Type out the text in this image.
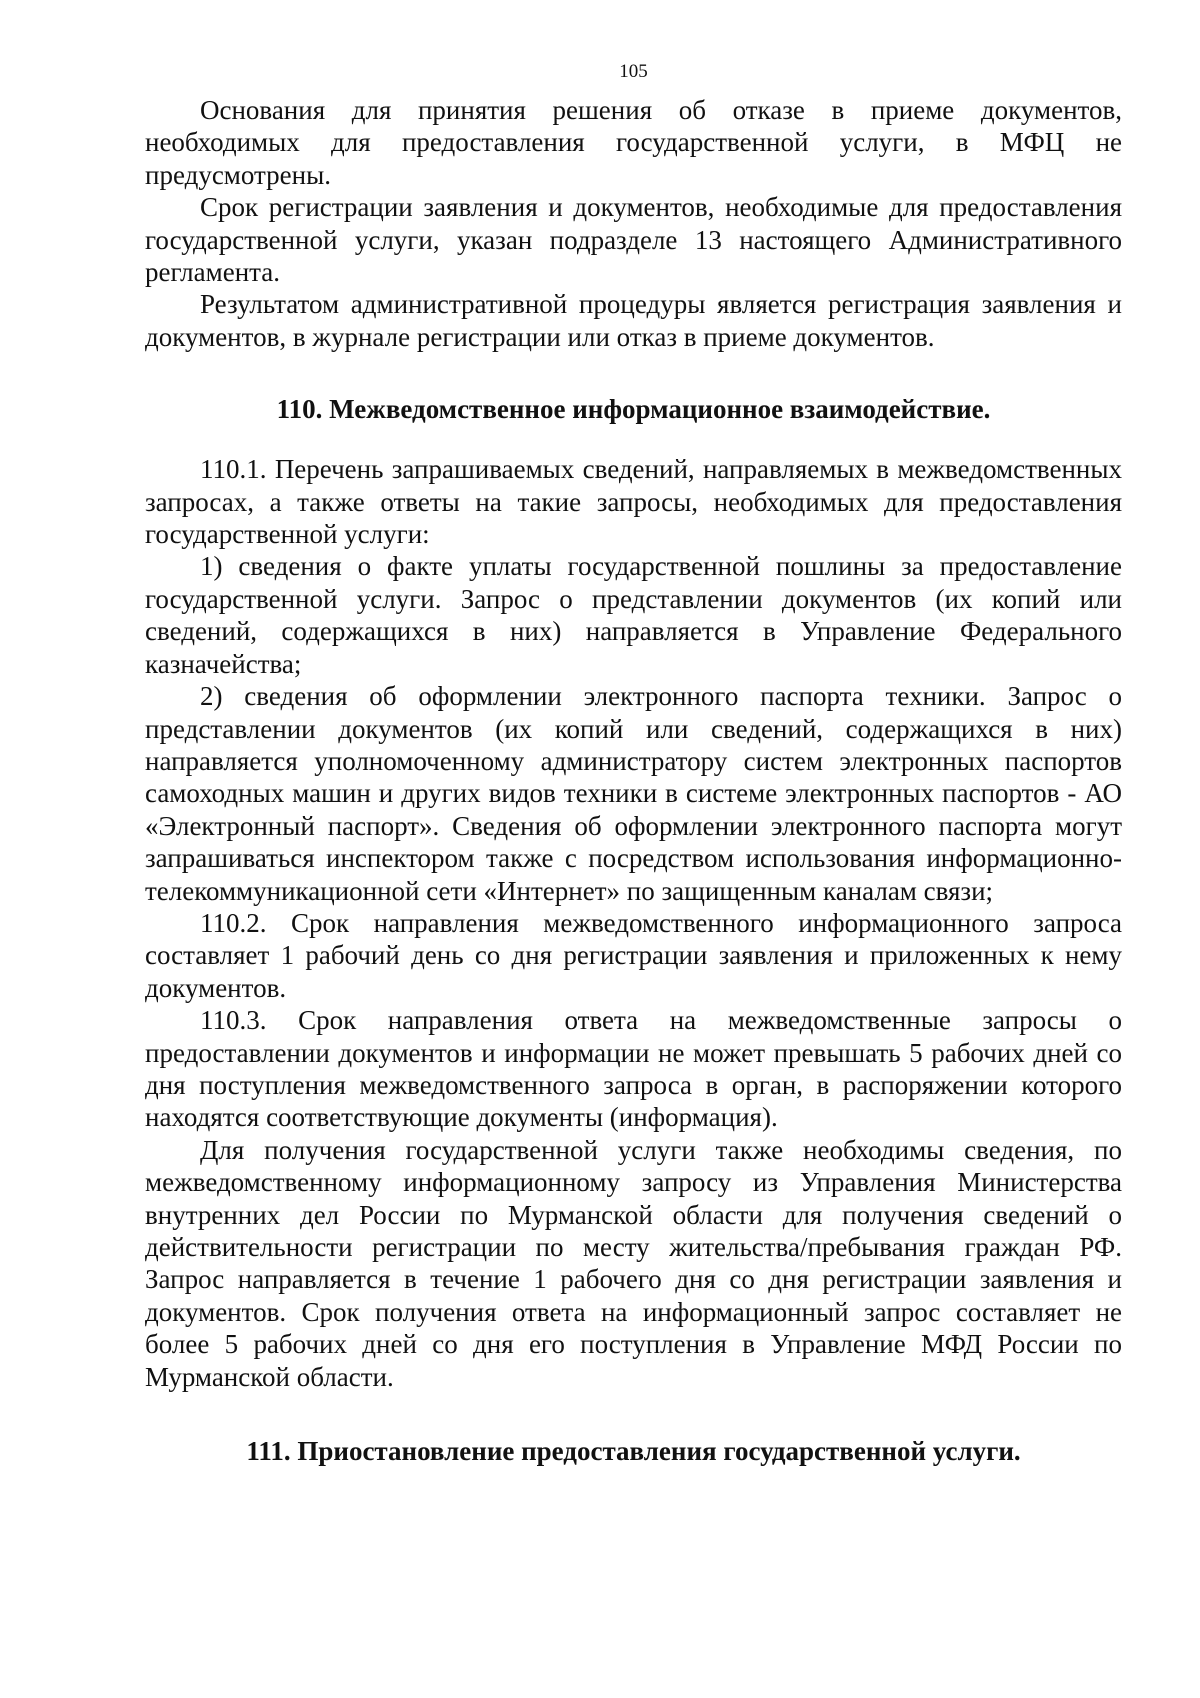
105

Основания для принятия решения об отказе в приеме документов, необходимых для предоставления государственной услуги, в МФЦ не предусмотрены.

Срок регистрации заявления и документов, необходимые для предоставления государственной услуги, указан подразделе 13 настоящего Административного регламента.

Результатом административной процедуры является регистрация заявления и документов, в журнале регистрации или отказ в приеме документов.

110. Межведомственное информационное взаимодействие.

110.1. Перечень запрашиваемых сведений, направляемых в межведомственных запросах, а также ответы на такие запросы, необходимых для предоставления государственной услуги:

1) сведения о факте уплаты государственной пошлины за предоставление государственной услуги. Запрос о представлении документов (их копий или сведений, содержащихся в них) направляется в Управление Федерального казначейства;

2) сведения об оформлении электронного паспорта техники. Запрос о представлении документов (их копий или сведений, содержащихся в них) направляется уполномоченному администратору систем электронных паспортов самоходных машин и других видов техники в системе электронных паспортов - АО «Электронный паспорт». Сведения об оформлении электронного паспорта могут запрашиваться инспектором также с посредством использования информационно-телекоммуникационной сети «Интернет» по защищенным каналам связи;

110.2. Срок направления межведомственного информационного запроса составляет 1 рабочий день со дня регистрации заявления и приложенных к нему документов.

110.3. Срок направления ответа на межведомственные запросы о предоставлении документов и информации не может превышать 5 рабочих дней со дня поступления межведомственного запроса в орган, в распоряжении которого находятся соответствующие документы (информация).

Для получения государственной услуги также необходимы сведения, по межведомственному информационному запросу из Управления Министерства внутренних дел России по Мурманской области для получения сведений о действительности регистрации по месту жительства/пребывания граждан РФ. Запрос направляется в течение 1 рабочего дня со дня регистрации заявления и документов. Срок получения ответа на информационный запрос составляет не более 5 рабочих дней со дня его поступления в Управление МФД России по Мурманской области.

111. Приостановление предоставления государственной услуги.
